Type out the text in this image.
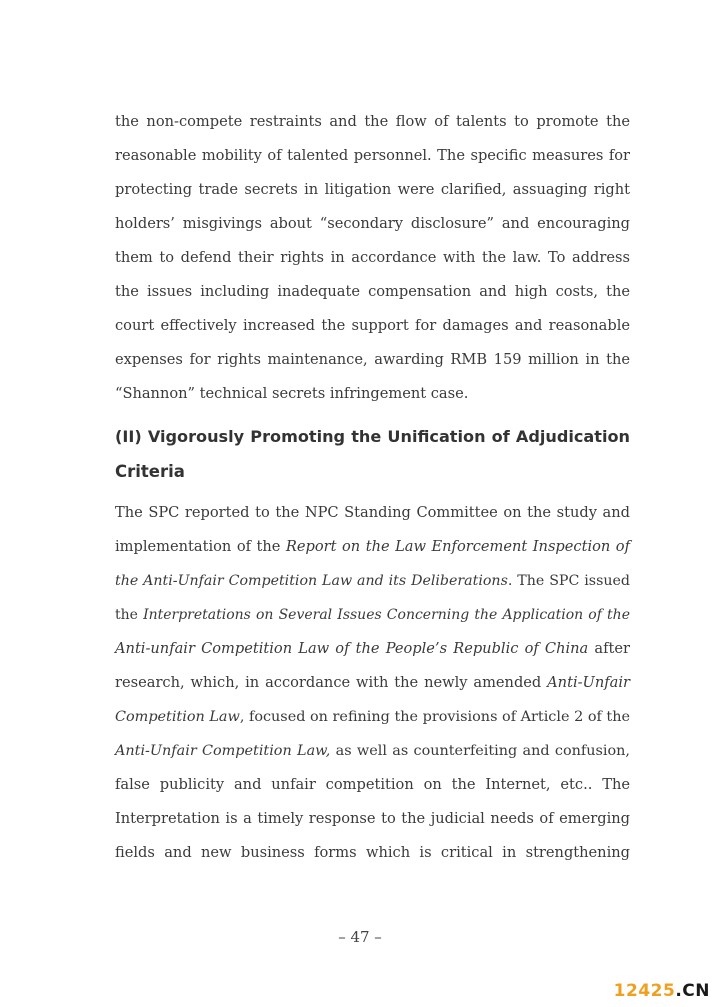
the non-compete restraints and the flow of talents to promote the
reasonable mobility of talented personnel. The specific measures for
protecting trade secrets in litigation were clarified, assuaging right
holders’ misgivings about “secondary disclosure” and encouraging
them to defend their rights in accordance with the law. To address
the issues including inadequate compensation and high costs, the
court effectively increased the support for damages and reasonable
expenses for rights maintenance, awarding RMB 159 million in the
“Shannon” technical secrets infringement case.

(II) Vigorously Promoting the Unification of Adjudication
Criteria

The SPC reported to the NPC Standing Committee on the study and
implementation of the Report on the Law Enforcement Inspection of
the Anti-Unfair Competition Law and its Deliberations. The SPC issued
the Interpretations on Several Issues Concerning the Application of the
Anti-unfair Competition Law of the People’s Republic of China after
research, which, in accordance with the newly amended Anti-Unfair
Competition Law, focused on refining the provisions of Article 2 of the
Anti-Unfair Competition Law, as well as counterfeiting and confusion,
false publicity and unfair competition on the Internet, etc.. The
Interpretation is a timely response to the judicial needs of emerging
fields and new business forms which is critical in strengthening

– 47 –
12425.CN
